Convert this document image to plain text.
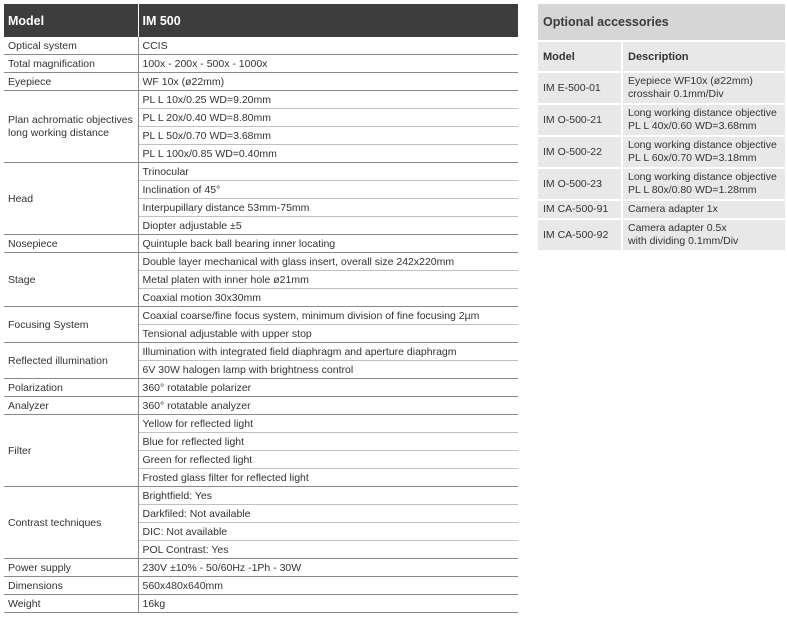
Model	IM 500
Optical system	CCIS
Total magnification	100x - 200x - 500x - 1000x
Eyepiece	WF 10x (ø22mm)
Plan achromatic objectives long working distance	PL L 10x/0.25 WD=9.20mm
	PL L 20x/0.40 WD=8.80mm
	PL L 50x/0.70 WD=3.68mm
	PL L 100x/0.85 WD=0.40mm
Head	Trinocular
	Inclination of 45°
	Interpupillary distance 53mm-75mm
	Diopter adjustable ±5
Nosepiece	Quintuple back ball bearing inner locating
Stage	Double layer mechanical with glass insert, overall size 242x220mm
	Metal platen with inner hole ø21mm
	Coaxial motion 30x30mm
Focusing System	Coaxial coarse/fine focus system, minimum division of fine focusing 2µm
	Tensional adjustable with upper stop
Reflected illumination	Illumination with integrated field diaphragm and aperture diaphragm
	6V 30W halogen lamp with brightness control
Polarization	360° rotatable polarizer
Analyzer	360° rotatable analyzer
Filter	Yellow for reflected light
	Blue for reflected light
	Green for reflected light
	Frosted glass filter for reflected light
Contrast techniques	Brightfield: Yes
	Darkfiled: Not available
	DIC: Not available
	POL Contrast: Yes
Power supply	230V ±10% - 50/60Hz -1Ph - 30W
Dimensions	560x480x640mm
Weight	16kg
Optional accessories
Model	Description
IM E-500-01	Eyepiece WF10x (ø22mm)
crosshair 0.1mm/Div

IM O-500-21	Long working distance objective
PL L 40x/0.60 WD=3.68mm

IM O-500-22	Long working distance objective
PL L 60x/0.70 WD=3.18mm

IM O-500-23	Long working distance objective
PL L 80x/0.80 WD=1.28mm

IM CA-500-91	Camera adapter 1x

IM CA-500-92	Camera adapter 0.5x
with dividing 0.1mm/Div
